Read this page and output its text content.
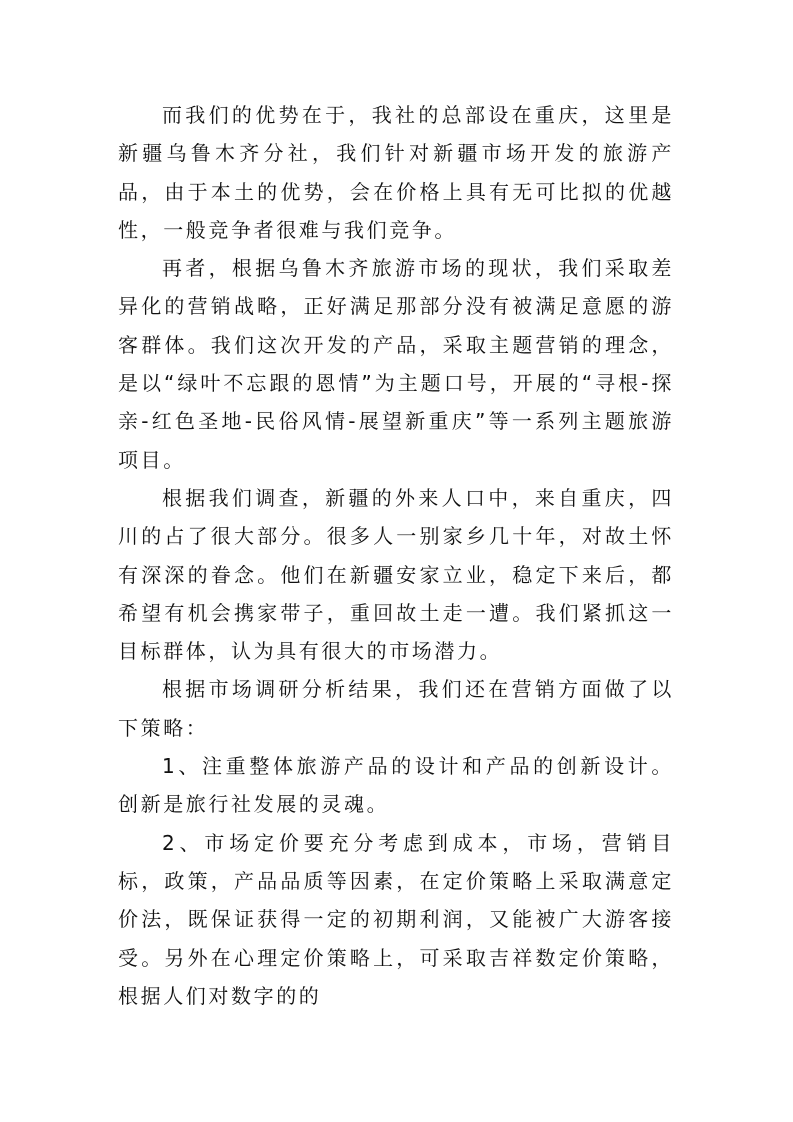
而我们的优势在于，我社的总部设在重庆，这里是新疆乌鲁木齐分社，我们针对新疆市场开发的旅游产品，由于本土的优势，会在价格上具有无可比拟的优越性，一般竞争者很难与我们竞争。

再者，根据乌鲁木齐旅游市场的现状，我们采取差异化的营销战略，正好满足那部分没有被满足意愿的游客群体。我们这次开发的产品，采取主题营销的理念，是以“绿叶不忘跟的恩情”为主题口号，开展的“寻根-探亲-红色圣地-民俗风情-展望新重庆”等一系列主题旅游项目。

根据我们调查，新疆的外来人口中，来自重庆，四川的占了很大部分。很多人一别家乡几十年，对故土怀有深深的眷念。他们在新疆安家立业，稳定下来后，都希望有机会携家带子，重回故土走一遭。我们紧抓这一目标群体，认为具有很大的市场潜力。

根据市场调研分析结果，我们还在营销方面做了以下策略：

1、注重整体旅游产品的设计和产品的创新设计。创新是旅行社发展的灵魂。

2、市场定价要充分考虑到成本，市场，营销目标，政策，产品品质等因素，在定价策略上采取满意定价法，既保证获得一定的初期利润，又能被广大游客接受。另外在心理定价策略上，可采取吉祥数定价策略，根据人们对数字的的
